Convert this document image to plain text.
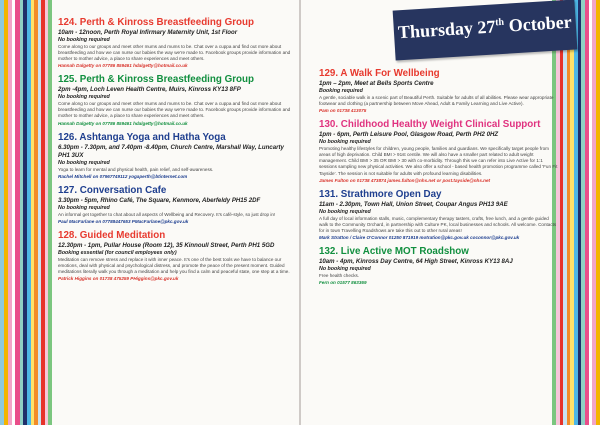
124. Perth & Kinross Breastfeeding Group
10am - 12noon, Perth Royal Infirmary Maternity Unit, 1st Floor
No booking required
Come along to our groups and meet other mums and mums to be. Chat over a cuppa and find out more about breastfeeding and how we can nurse our babies the way we're made to. Facebook groups provide information and mother to mother advice, a place to share experiences and meet others.
Hannah Dalgetty on 07786 859461 hdalgetty@hotmail.co.uk
125. Perth & Kinross Breastfeeding Group
2pm -4pm, Loch Leven Health Centre, Muirs, Kinross KY13 8FP
No booking required
Come along to our groups and meet other mums and mums to be. Chat over a cuppa and find out more about breastfeeding and how we can nurse our babies the way we're made to. Facebook groups provide information and mother to mother advice, a place to share experiences and meet others.
Hannah Dalgetty on 07786 859461 hdalgetty@hotmail.co.uk
126. Ashtanga Yoga and Hatha Yoga
6.30pm - 7.30pm, and 7.40pm -8.40pm, Church Centre, Marshall Way, Luncarty PH1 3UX
No booking required
Yoga to learn for mental and physical health, pain relief, and self-awareness.
Rachel Mitchell on 07967749112 yogaperth@btinternet.com
127. Conversation Cafe
3.30pm - 5pm, Rhino Café, The Square, Kenmore, Aberfeldy PH15 2DF
No booking required
An informal get together to chat about all aspects of Wellbeing and Recovery. It's café-style, so just drop in!
Paul MacFarlane on 07788447653 PMacFarlane@pkc.gov.uk
128. Guided Meditation
12.30pm - 1pm, Pullar House (Room 12), 35 Kinnoull Street, Perth PH1 5GD
Booking essential (for council employees only)
Meditation can remove stress and replace it with inner peace. It's one of the best tools we have to balance our emotions, deal with physical and psychological distress, and promote the peace of the present moment. Guided meditations literally walk you through a meditation and help you find a calm and peaceful state, one step at a time.
Patrick Higgins on 01738 475259 PHiggins@pkc.gov.uk
Thursday 27th October
129. A Walk For Wellbeing
1pm – 2pm, Meet at Bells Sports Centre
Booking required
A gentle, sociable walk in a scenic part of Beautiful Perth. Suitable for adults of all abilities. Please wear appropriate footwear and clothing (a partnership between Move Ahead, Adult & Family Learning and Live Active).
Pam on 01738 413075
130. Childhood Healthy Weight Clinical Support
1pm - 6pm, Perth Leisure Pool, Glasgow Road, Perth PH2 0HZ
No booking required
Promoting healthy lifestyles for children, young people, families and guardians. We specifically target people from areas of high deprivation. Child BMI > 91st centile. We will also have a smaller part related to adult weight management. Child BMI > 35 OR BMI > 30 with co-morbidity. Through this we can refer into Live Active for 1:1 sessions sampling new physical activities. We also offer a school - based health promotion programme called 'Fun Fit Tayside'. The session is not suitable for adults with profound learning disabilities.
James Fulton on 01738 473874 james.fulton@nhs.net or post.tayside@nhs.net
131. Strathmore Open Day
11am - 2.30pm, Town Hall, Union Street, Coupar Angus PH13 9AE
No booking required
A full day of local information stalls, music, complementary therapy tasters, crafts, free lunch, and a gentle guided walk to the Community Orchard, in partnership with Culture PK, local businesses and schools. All welcome. Contacts for in town Travelling Roadshows are take this out to other rural areas!
Mark Stratton / Claire O'Connor 01250 871919 motration@pkc.gov.uk coconnor@pkc.gov.uk
132. Live Active MOT Roadshow
10am - 4pm, Kinross Day Centre, 64 High Street, Kinross KY13 8AJ
No booking required
Free health checks.
Fern on 01577 863369
